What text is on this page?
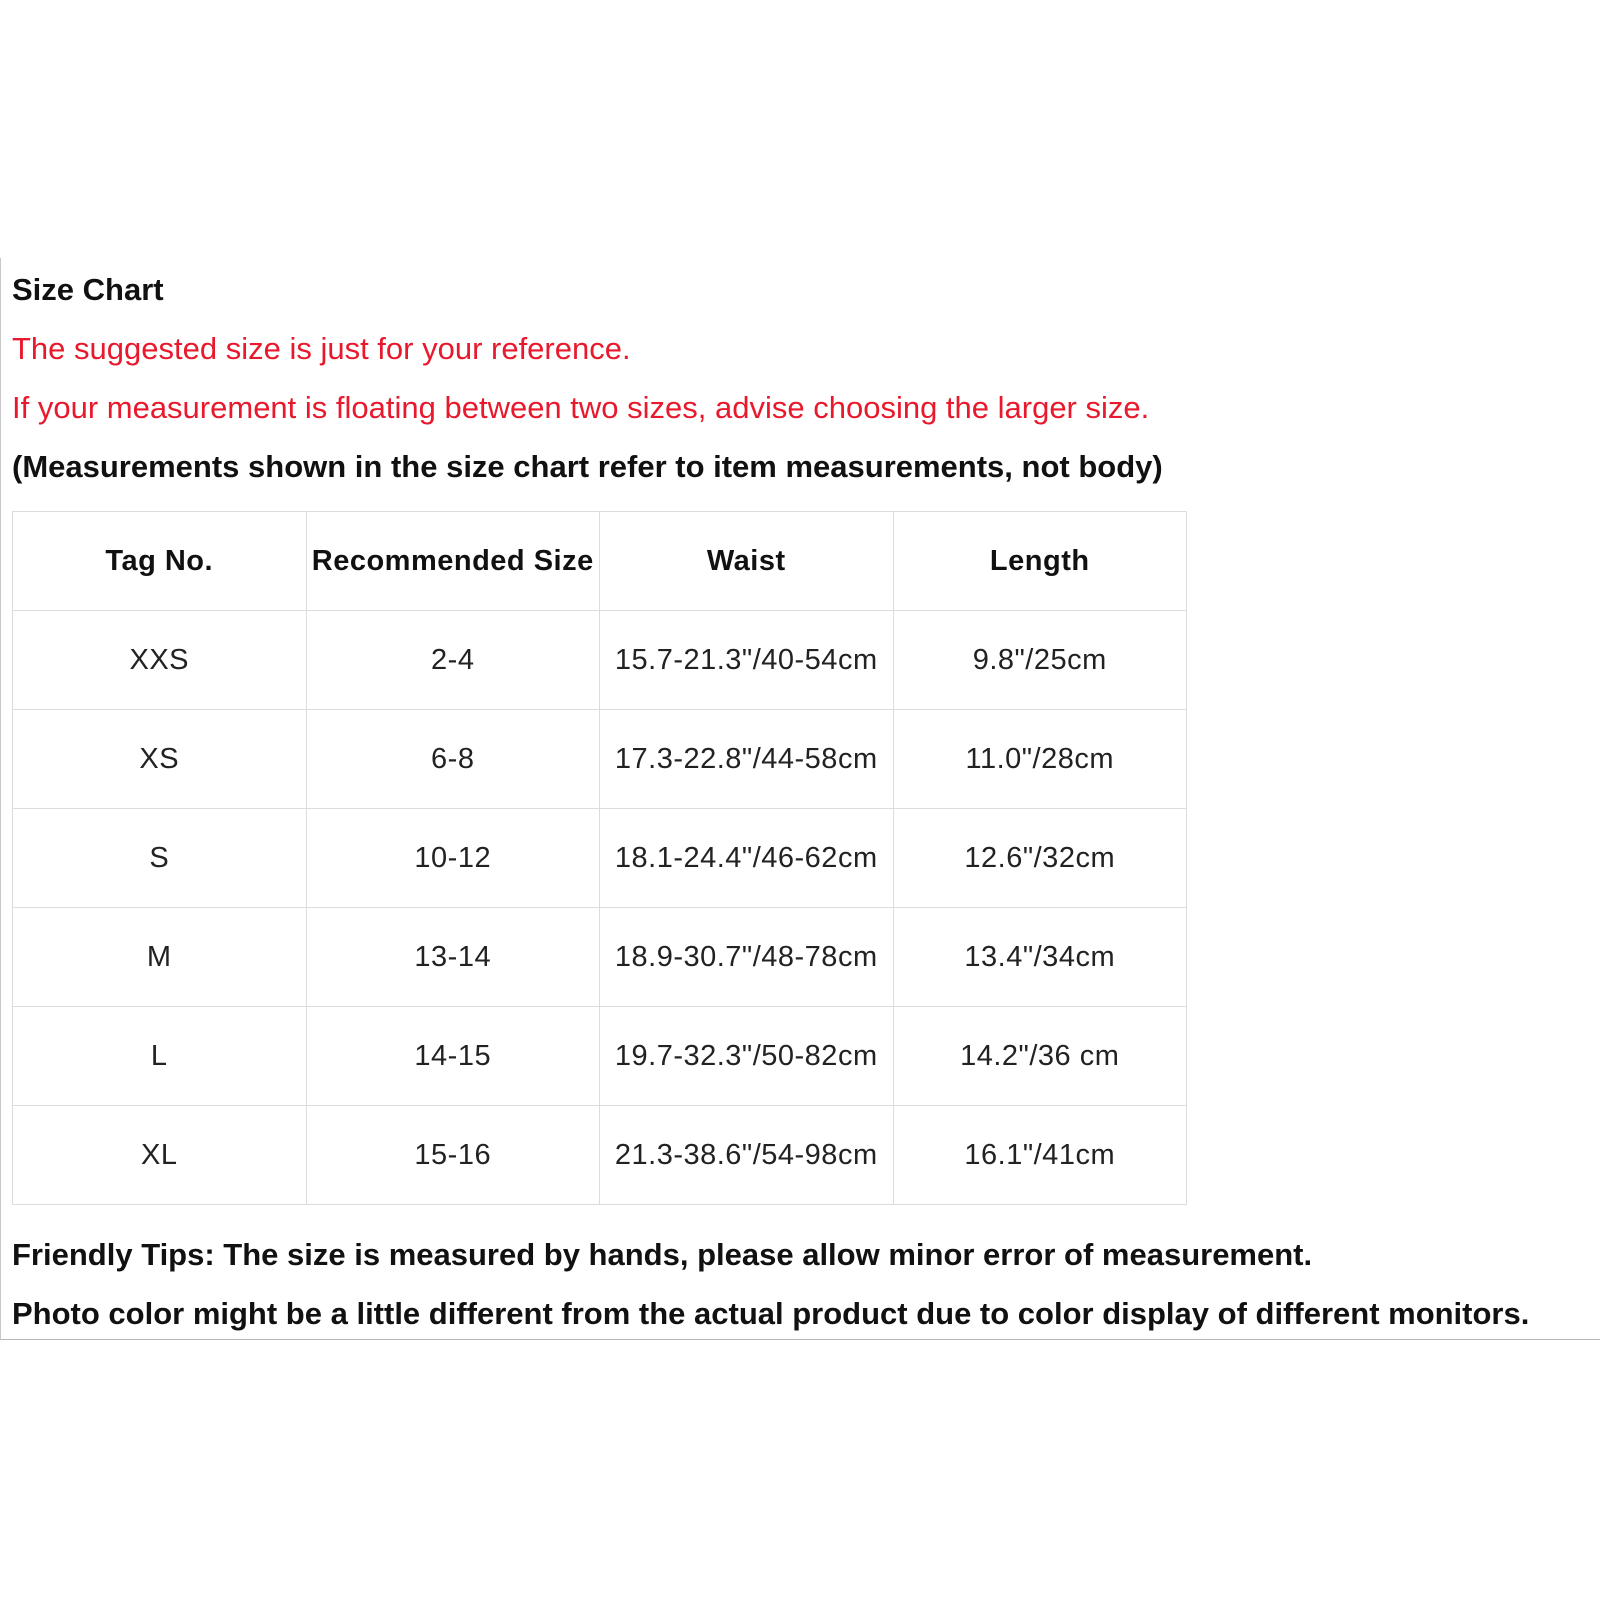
Size Chart
The suggested size is just for your reference.
If your measurement is floating between two sizes, advise choosing the larger size.
(Measurements shown in the size chart refer to item measurements, not body)
Tag No.	Recommended Size	Waist	Length
XXS	2-4	15.7-21.3"/40-54cm	9.8"/25cm
XS	6-8	17.3-22.8"/44-58cm	11.0"/28cm
S	10-12	18.1-24.4"/46-62cm	12.6"/32cm
M	13-14	18.9-30.7"/48-78cm	13.4"/34cm
L	14-15	19.7-32.3"/50-82cm	14.2"/36 cm
XL	15-16	21.3-38.6"/54-98cm	16.1"/41cm
Friendly Tips: The size is measured by hands, please allow minor error of measurement.
Photo color might be a little different from the actual product due to color display of different monitors.
